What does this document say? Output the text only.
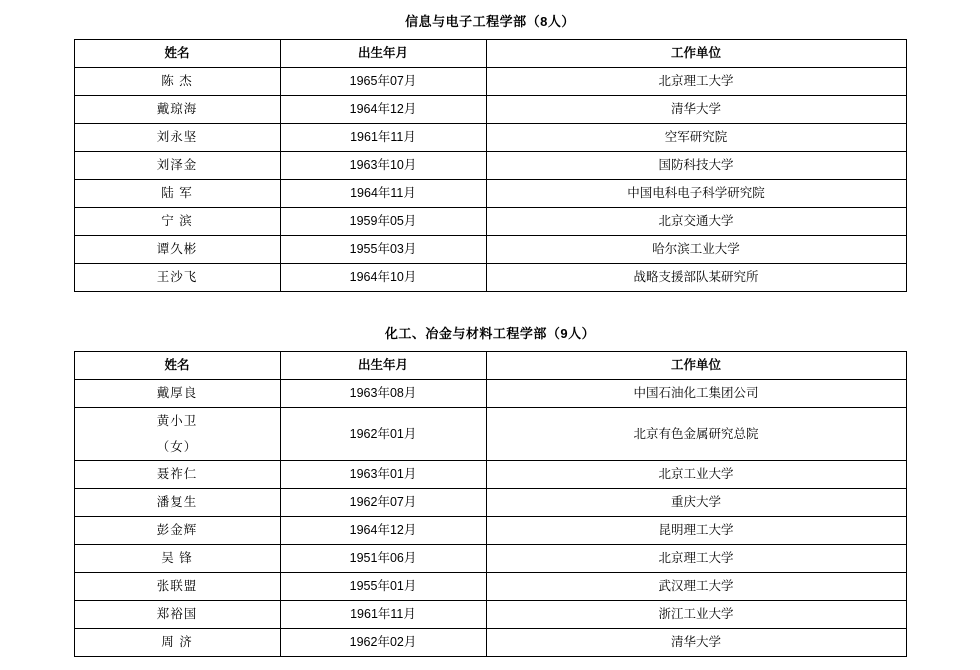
信息与电子工程学部（8人）
姓名	出生年月	工作单位
陈 杰	1965年07月	北京理工大学
戴琼海	1964年12月	清华大学
刘永坚	1961年11月	空军研究院
刘泽金	1963年10月	国防科技大学
陆 军	1964年11月	中国电科电子科学研究院
宁 滨	1959年05月	北京交通大学
谭久彬	1955年03月	哈尔滨工业大学
王沙飞	1964年10月	战略支援部队某研究所
化工、冶金与材料工程学部（9人）
姓名	出生年月	工作单位
戴厚良	1963年08月	中国石油化工集团公司

黄小卫
（女）	1962年01月	北京有色金属研究总院
聂祚仁	1963年01月	北京工业大学
潘复生	1962年07月	重庆大学
彭金辉	1964年12月	昆明理工大学
吴 锋	1951年06月	北京理工大学
张联盟	1955年01月	武汉理工大学
郑裕国	1961年11月	浙江工业大学
周 济	1962年02月	清华大学
